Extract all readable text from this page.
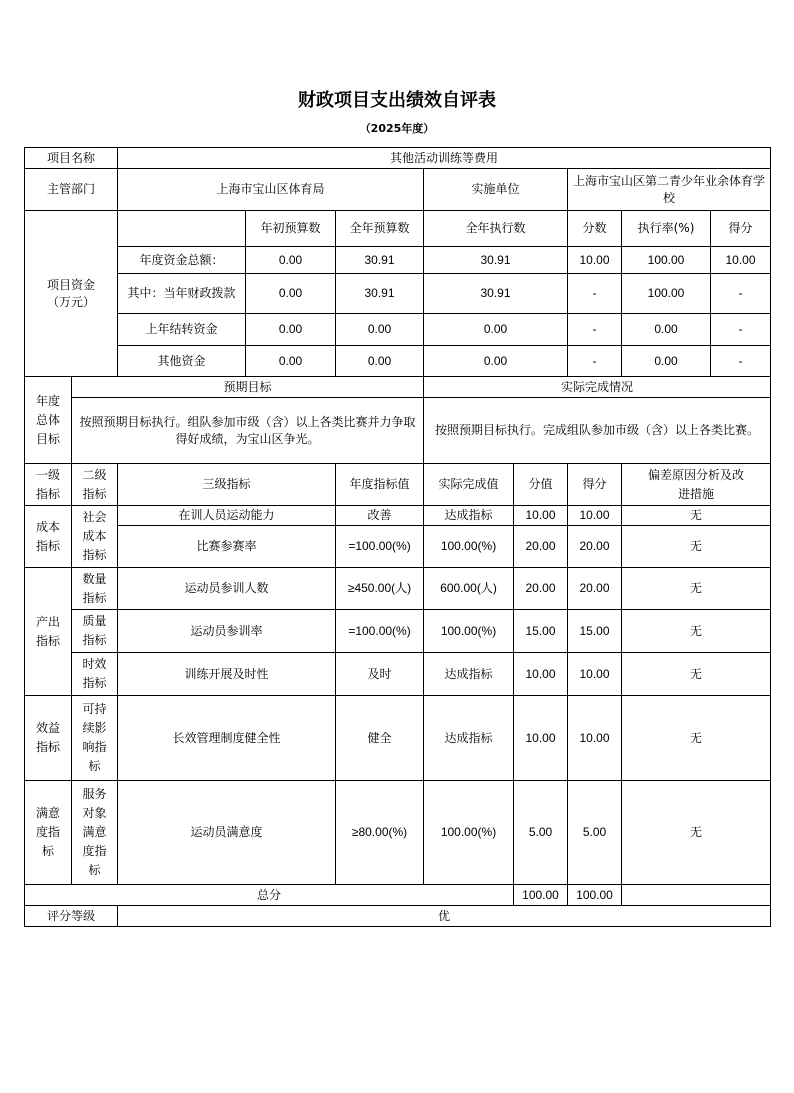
财政项目支出绩效自评表
（2025年度）
项目名称		其他活动训练等费用							
主管部门		上海市宝山区体育局			实施单位		上海市宝山区第二青少年业余体育学校		
项目资金（万元）			年初预算数	全年预算数	全年执行数		分数	执行率(%)	得分
		年度资金总额：	0.00	30.91	30.91		10.00	100.00	10.00
		其中：当年财政拨款	0.00	30.91	30.91		-	100.00	-
		上年结转资金	0.00	0.00	0.00		-	0.00	-
		其他资金	0.00	0.00	0.00		-	0.00	-
年度总体目标	预期目标				实际完成情况				
	按照预期目标执行。组队参加市级（含）以上各类比赛并力争取得好成绩，为宝山区争光。				按照预期目标执行。完成组队参加市级（含）以上各类比赛。				
一级指标	二级指标	三级指标		年度指标值	实际完成值	分值	得分	偏差原因分析及改进措施	
成本指标	社会成本指标	在训人员运动能力		改善	达成指标	10.00	10.00	无	
		比赛参赛率		=100.00(%)	100.00(%)	20.00	20.00	无	
产出指标	数量指标	运动员参训人数		≥450.00(人)	600.00(人)	20.00	20.00	无	
	质量指标	运动员参训率		=100.00(%)	100.00(%)	15.00	15.00	无	
	时效指标	训练开展及时性		及时	达成指标	10.00	10.00	无	
效益指标	可持续影响指标	长效管理制度健全性		健全	达成指标	10.00	10.00	无	
满意度指标	服务对象满意度指标	运动员满意度		≥80.00(%)	100.00(%)	5.00	5.00	无	
总分						100.00	100.00		
评分等级		优							
